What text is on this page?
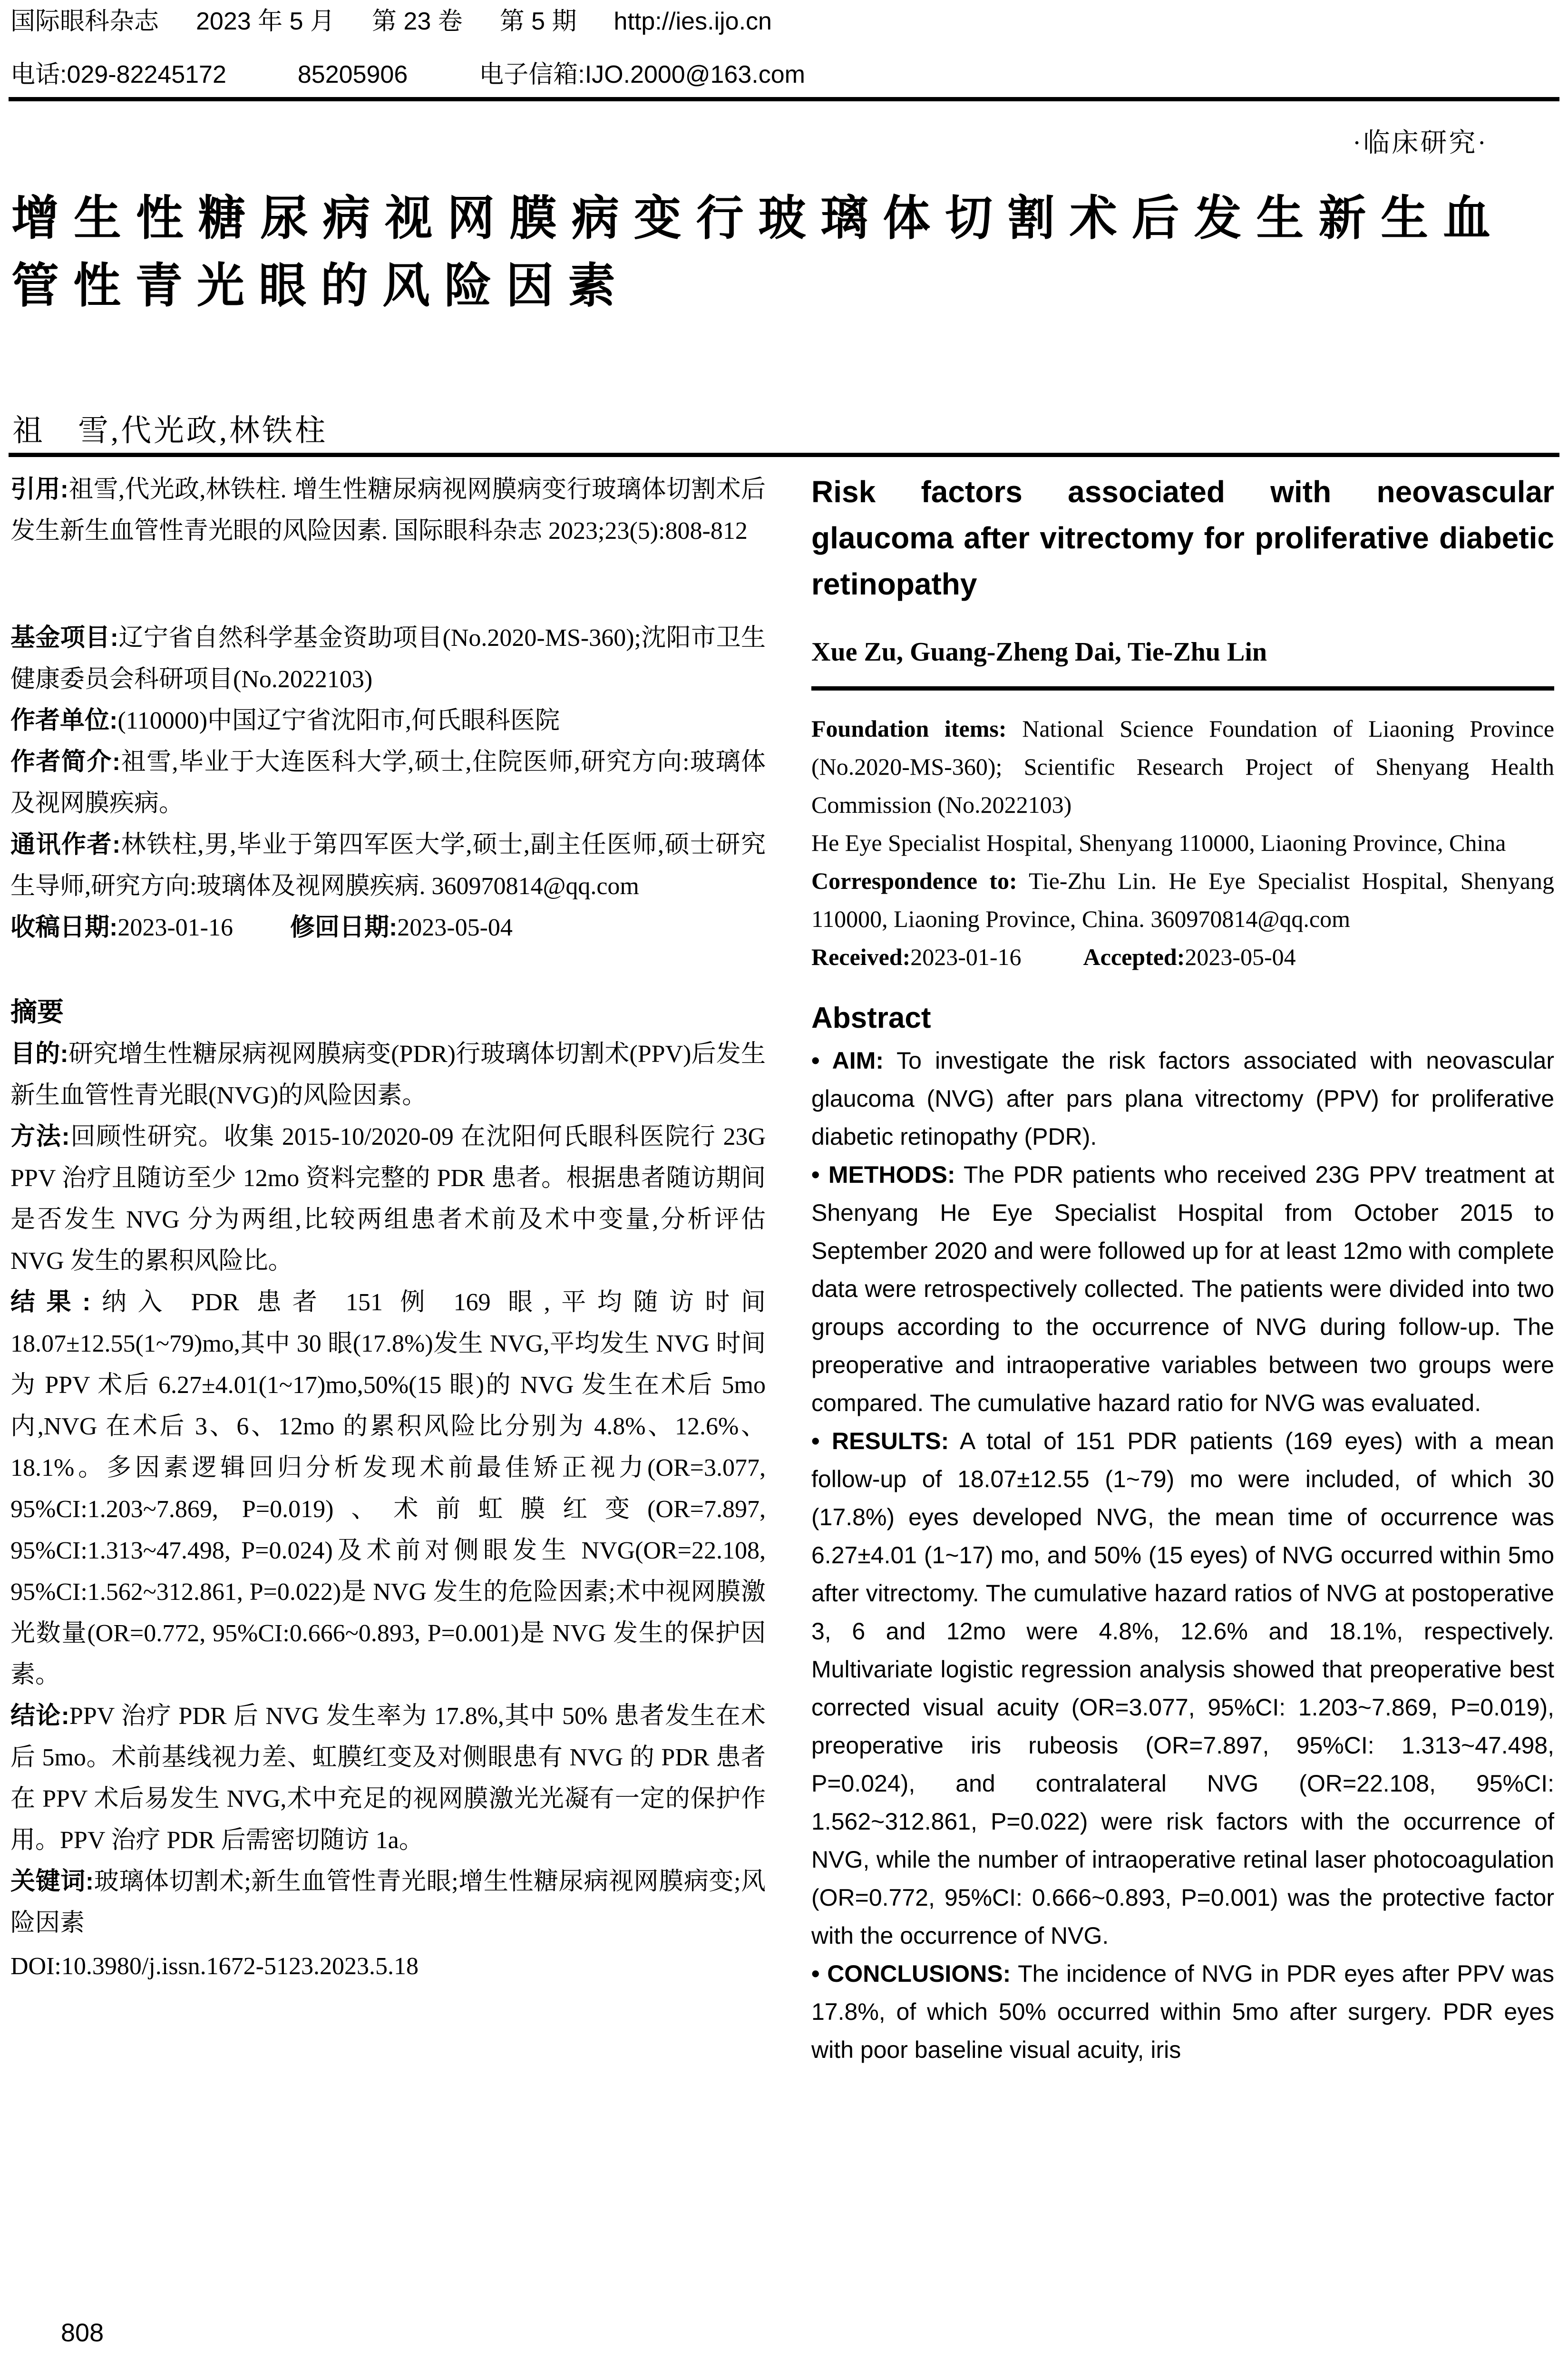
国际眼科杂志 2023 年 5 月 第 23 卷 第 5 期 http://ies.ijo.cn
电话:029-82245172	85205906	电子信箱:IJO.2000@163.com
·临床研究·
增生性糖尿病视网膜病变行玻璃体切割术后发生新生血管性青光眼的风险因素
祖　雪,代光政,林铁柱

引用:祖雪,代光政,林铁柱. 增生性糖尿病视网膜病变行玻璃体切割术后发生新生血管性青光眼的风险因素. 国际眼科杂志 2023;23(5):808-812

基金项目:辽宁省自然科学基金资助项目(No.2020-MS-360);沈阳市卫生健康委员会科研项目(No.2022103)

作者单位:(110000)中国辽宁省沈阳市,何氏眼科医院

作者简介:祖雪,毕业于大连医科大学,硕士,住院医师,研究方向:玻璃体及视网膜疾病。

通讯作者:林铁柱,男,毕业于第四军医大学,硕士,副主任医师,硕士研究生导师,研究方向:玻璃体及视网膜疾病. 360970814@qq.com

收稿日期:2023-01-16 修回日期:2023-05-04

摘要

目的:研究增生性糖尿病视网膜病变(PDR)行玻璃体切割术(PPV)后发生新生血管性青光眼(NVG)的风险因素。

方法:回顾性研究。收集 2015-10/2020-09 在沈阳何氏眼科医院行 23G PPV 治疗且随访至少 12mo 资料完整的 PDR 患者。根据患者随访期间是否发生 NVG 分为两组,比较两组患者术前及术中变量,分析评估 NVG 发生的累积风险比。

结果:纳入 PDR 患者 151 例 169 眼,平均随访时间 18.07±12.55(1~79)mo,其中 30 眼(17.8%)发生 NVG,平均发生 NVG 时间为 PPV 术后 6.27±4.01(1~17)mo,50%(15 眼)的 NVG 发生在术后 5mo 内,NVG 在术后 3、6、12mo 的累积风险比分别为 4.8%、12.6%、18.1%。多因素逻辑回归分析发现术前最佳矫正视力(OR=3.077, 95%CI:1.203~7.869, P=0.019)、术前虹膜红变(OR=7.897, 95%CI:1.313~47.498, P=0.024)及术前对侧眼发生 NVG(OR=22.108, 95%CI:1.562~312.861, P=0.022)是 NVG 发生的危险因素;术中视网膜激光数量(OR=0.772, 95%CI:0.666~0.893, P=0.001)是 NVG 发生的保护因素。

结论:PPV 治疗 PDR 后 NVG 发生率为 17.8%,其中 50% 患者发生在术后 5mo。术前基线视力差、虹膜红变及对侧眼患有 NVG 的 PDR 患者在 PPV 术后易发生 NVG,术中充足的视网膜激光光凝有一定的保护作用。PPV 治疗 PDR 后需密切随访 1a。

关键词:玻璃体切割术;新生血管性青光眼;增生性糖尿病视网膜病变;风险因素

DOI:10.3980/j.issn.1672-5123.2023.5.18

Risk factors associated with neovascular glaucoma after vitrectomy for proliferative diabetic retinopathy

Xue Zu, Guang-Zheng Dai, Tie-Zhu Lin

Foundation items: National Science Foundation of Liaoning Province (No.2020-MS-360); Scientific Research Project of Shenyang Health Commission (No.2022103)

He Eye Specialist Hospital, Shenyang 110000, Liaoning Province, China

Correspondence to: Tie-Zhu Lin. He Eye Specialist Hospital, Shenyang 110000, Liaoning Province, China. 360970814@qq.com

Received:2023-01-16	Accepted:2023-05-04

Abstract

• AIM: To investigate the risk factors associated with neovascular glaucoma (NVG) after pars plana vitrectomy (PPV) for proliferative diabetic retinopathy (PDR).

• METHODS: The PDR patients who received 23G PPV treatment at Shenyang He Eye Specialist Hospital from October 2015 to September 2020 and were followed up for at least 12mo with complete data were retrospectively collected. The patients were divided into two groups according to the occurrence of NVG during follow-up. The preoperative and intraoperative variables between two groups were compared. The cumulative hazard ratio for NVG was evaluated.

• RESULTS: A total of 151 PDR patients (169 eyes) with a mean follow-up of 18.07±12.55 (1~79) mo were included, of which 30 (17.8%) eyes developed NVG, the mean time of occurrence was 6.27±4.01 (1~17) mo, and 50% (15 eyes) of NVG occurred within 5mo after vitrectomy. The cumulative hazard ratios of NVG at postoperative 3, 6 and 12mo were 4.8%, 12.6% and 18.1%, respectively. Multivariate logistic regression analysis showed that preoperative best corrected visual acuity (OR=3.077, 95%CI: 1.203~7.869, P=0.019), preoperative iris rubeosis (OR=7.897, 95%CI: 1.313~47.498, P=0.024), and contralateral NVG (OR=22.108, 95%CI: 1.562~312.861, P=0.022) were risk factors with the occurrence of NVG, while the number of intraoperative retinal laser photocoagulation (OR=0.772, 95%CI: 0.666~0.893, P=0.001) was the protective factor with the occurrence of NVG.

• CONCLUSIONS: The incidence of NVG in PDR eyes after PPV was 17.8%, of which 50% occurred within 5mo after surgery. PDR eyes with poor baseline visual acuity, iris

808
